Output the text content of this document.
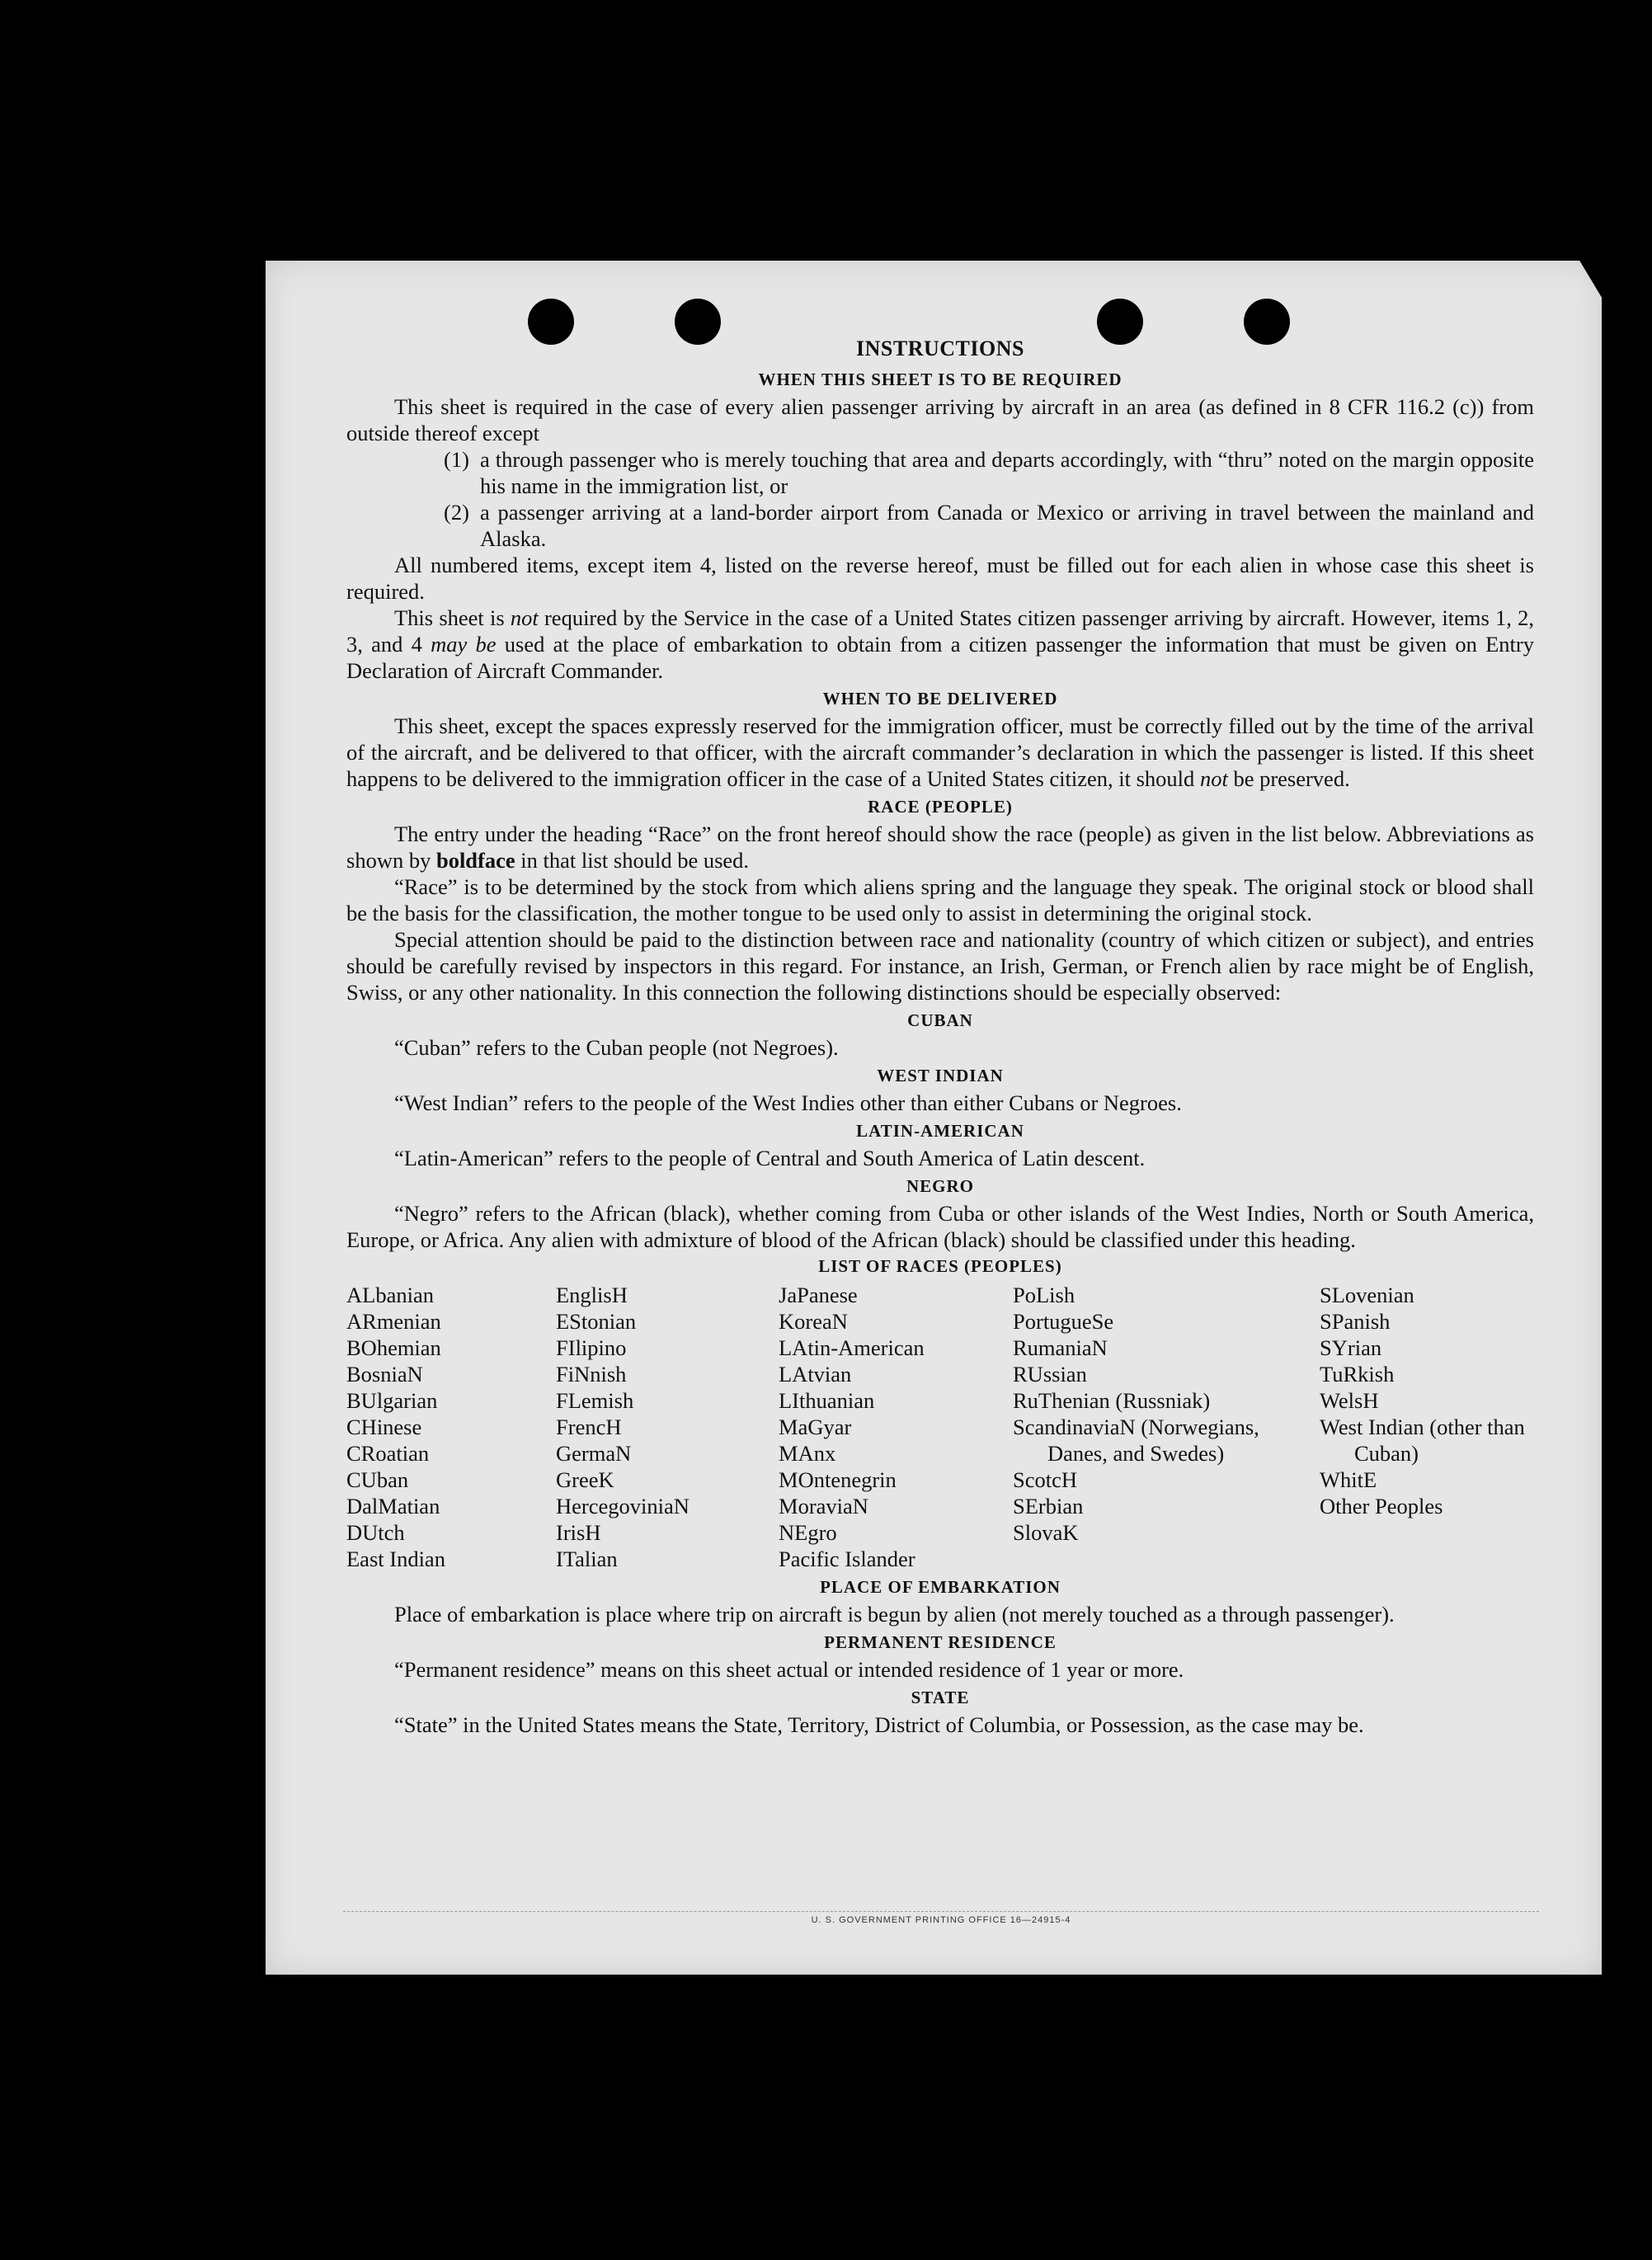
INSTRUCTIONS
WHEN THIS SHEET IS TO BE REQUIRED

This sheet is required in the case of every alien passenger arriving by aircraft in an area (as defined in 8 CFR 116.2 (c)) from outside thereof except

(1) a through passenger who is merely touching that area and departs accordingly, with “thru” noted on the margin opposite his name in the immigration list, or
(2) a passenger arriving at a land-border airport from Canada or Mexico or arriving in travel between the mainland and Alaska.

All numbered items, except item 4, listed on the reverse hereof, must be filled out for each alien in whose case this sheet is required.

This sheet is not required by the Service in the case of a United States citizen passenger arriving by aircraft. However, items 1, 2, 3, and 4 may be used at the place of embarkation to obtain from a citizen passenger the information that must be given on Entry Declaration of Aircraft Commander.

WHEN TO BE DELIVERED

This sheet, except the spaces expressly reserved for the immigration officer, must be correctly filled out by the time of the arrival of the aircraft, and be delivered to that officer, with the aircraft commander’s declaration in which the passenger is listed. If this sheet happens to be delivered to the immigration officer in the case of a United States citizen, it should not be preserved.

RACE (PEOPLE)

The entry under the heading “Race” on the front hereof should show the race (people) as given in the list below. Abbreviations as shown by boldface in that list should be used.

“Race” is to be determined by the stock from which aliens spring and the language they speak. The original stock or blood shall be the basis for the classification, the mother tongue to be used only to assist in determining the original stock.

Special attention should be paid to the distinction between race and nationality (country of which citizen or subject), and entries should be carefully revised by inspectors in this regard. For instance, an Irish, German, or French alien by race might be of English, Swiss, or any other nationality. In this connection the following distinctions should be especially observed:

CUBAN

“Cuban” refers to the Cuban people (not Negroes).

WEST INDIAN

“West Indian” refers to the people of the West Indies other than either Cubans or Negroes.

LATIN-AMERICAN

“Latin-American” refers to the people of Central and South America of Latin descent.

NEGRO

“Negro” refers to the African (black), whether coming from Cuba or other islands of the West Indies, North or South America, Europe, or Africa. Any alien with admixture of blood of the African (black) should be classified under this heading.

LIST OF RACES (PEOPLES)
ALbanian
ARmenian
BOhemian
BosniaN
BUlgarian
CHinese
CRoatian
CUban
DalMatian
DUtch
East Indian
EnglisH
EStonian
FIlipino
FiNnish
FLemish
FrencH
GermaN
GreeK
HercegovinіaN
IrisH
ITalian
JaPanese
KoreaN
LAtin-American
LAtvian
LIthuanian
MaGyar
MAnx
MOntenegrin
MoraviaN
NEgro
Pacific Islander
PoLish
PortugueSe
RumaniaN
RUssian
RuThenian (Russniak)
ScandinaviaN (Norwegians, Danes, and Swedes)
ScotcH
SErbian
SlovaK
SLovenian
SPanish
SYrian
TuRkish
WelsH
West Indian (other than Cuban)
WhitE
Other Peoples
PLACE OF EMBARKATION

Place of embarkation is place where trip on aircraft is begun by alien (not merely touched as a through passenger).

PERMANENT RESIDENCE

“Permanent residence” means on this sheet actual or intended residence of 1 year or more.

STATE

“State” in the United States means the State, Territory, District of Columbia, or Possession, as the case may be.

U. S. GOVERNMENT PRINTING OFFICE 16—24915-4
